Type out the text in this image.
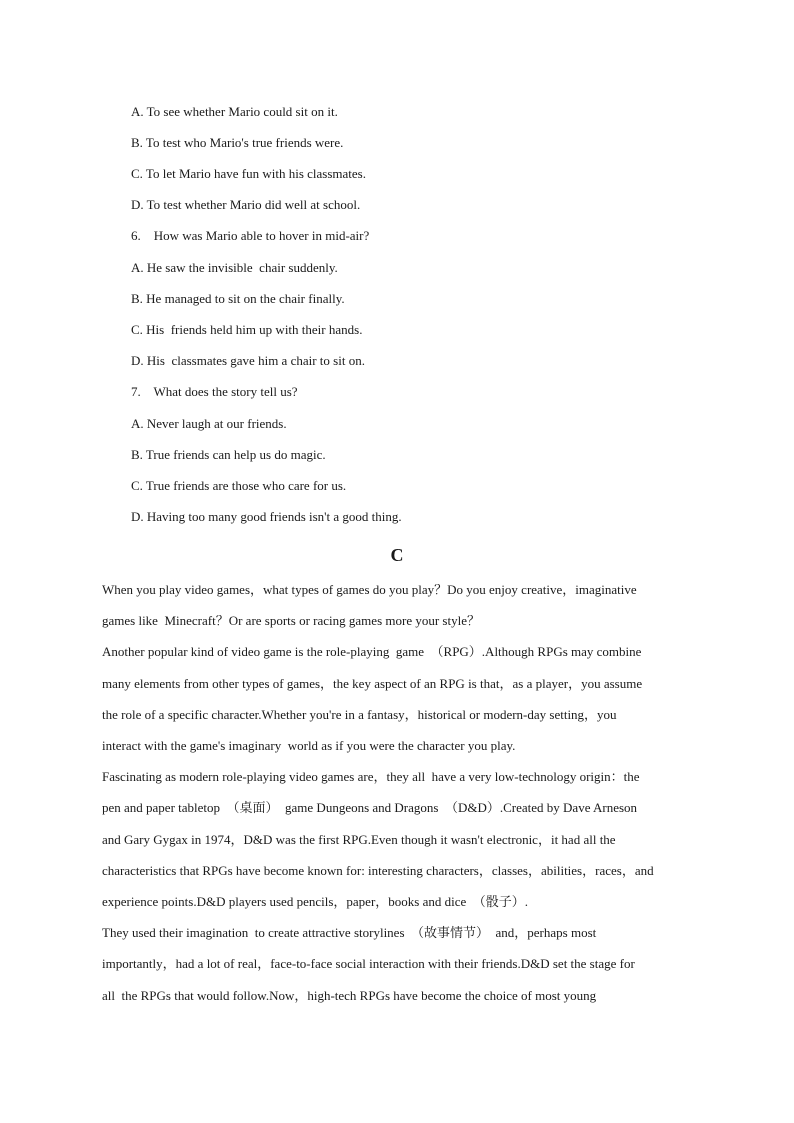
A. To see whether Mario could sit on it.
B. To test who Mario's true friends were.
C. To let Mario have fun with his classmates.
D. To test whether Mario did well at school.
6.    How was Mario able to hover in mid-air?
A. He saw the invisible  chair suddenly.
B. He managed to sit on the chair finally.
C. His  friends held him up with their hands.
D. His  classmates gave him a chair to sit on.
7.    What does the story tell us?
A. Never laugh at our friends.
B. True friends can help us do magic.
C. True friends are those who care for us.
D. Having too many good friends isn't a good thing.
C
When you play video games，what types of games do you play？Do you enjoy creative，imaginative
games like  Minecraft？Or are sports or racing games more your style？
Another popular kind of video game is the role-playing  game  （RPG）.Although RPGs may combine
many elements from other types of games，the key aspect of an RPG is that，as a player，you assume
the role of a specific character.Whether you're in a fantasy，historical or modern-day setting，you
interact with the game's imaginary  world as if you were the character you play.
Fascinating as modern role-playing video games are，they all  have a very low-technology origin：the
pen and paper tabletop  （桌面）  game Dungeons and Dragons  （D&D）.Created by Dave Arneson
and Gary Gygax in 1974，D&D was the first RPG.Even though it wasn't electronic，it had all the
characteristics that RPGs have become known for: interesting characters，classes，abilities，races，and
experience points.D&D players used pencils，paper，books and dice  （骰子）.
They used their imagination  to create attractive storylines  （故事情节）  and，perhaps most
importantly，had a lot of real，face-to-face social interaction with their friends.D&D set the stage for
all  the RPGs that would follow.Now，high-tech RPGs have become the choice of most young
